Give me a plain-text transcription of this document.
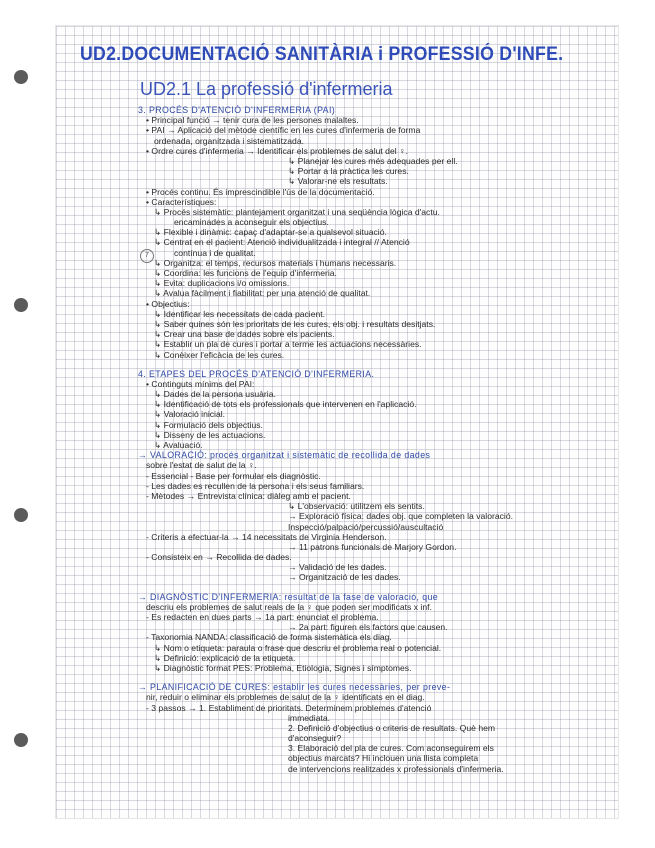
UD2.DOCUMENTACIÓ SANITÀRIA i PROFESSIÓ D'INFE.
UD2.1 La professió d'infermeria
7
3. PROCÉS D'ATENCIÓ D'INFERMERIA (PAI)
• Principal funció → tenir cura de les persones malaltes.
• PAI → Aplicació del mètode científic en les cures d'infermeria de forma
ordenada, organitzada i sistematitzada.
• Ordre cures d'infermeria → Identificar els problemes de salut del ♀.
↳ Planejar les cures més adequades per ell.
↳ Portar a la pràctica les cures.
↳ Valorar-ne els resultats.
• Procés continu. És imprescindible l'ús de la documentació.
• Característiques:
↳ Procés sistemàtic: plantejament organitzat i una seqüència lògica d'actu.
encaminades a aconseguir els objectius.
↳ Flexible i dinàmic: capaç d'adaptar-se a qualsevol situació.
↳ Centrat en el pacient: Atenció individualitzada i integral // Atenció
contínua i de qualitat.
↳ Organitza: el temps, recursos materials i humans necessaris.
↳ Coordina: les funcions de l'equip d'infermeria.
↳ Evita: duplicacions i/o omissions.
↳ Avalua fàcilment i fiabilitat: per una atenció de qualitat.
• Objectius:
↳ Identificar les necessitats de cada pacient.
↳ Saber quines són les prioritats de les cures, els obj. i resultats desitjats.
↳ Crear una base de dades sobre els pacients.
↳ Establir un pla de cures i portar a terme les actuacions necessàries.
↳ Conèixer l'eficàcia de les cures.
4. ETAPES DEL PROCÉS D'ATENCIÓ D'INFERMERIA.
• Continguts mínims del PAI:
↳ Dades de la persona usuària.
↳ Identificació de tots els professionals que intervenen en l'aplicació.
↳ Valoració inicial.
↳ Formulació dels objectius.
↳ Disseny de les actuacions.
↳ Avaluació.
→ VALORACIÓ: procés organitzat i sistemàtic de recollida de dades
sobre l'estat de salut de la ♀.
- Essencial - Base per formular els diagnòstic.
- Les dades es recullen de la persona i els seus familiars.
- Mètodes → Entrevista clínica: diàleg amb el pacient.
↳ L'observació: utilitzem els sentits.
→ Exploració física: dades obj. que completen la valoració.
Inspecció/palpació/percussió/auscultació
- Criteris a efectuar-la → 14 necessitats de Virginia Henderson.
→ 11 patrons funcionals de Marjory Gordon.
- Consisteix en → Recollida de dades.
→ Validació de les dades.
→ Organització de les dades.
→ DIAGNÒSTIC D'INFERMERIA: resultat de la fase de valoració, que
descriu els problemes de salut reals de la ♀ que poden ser modificats x inf.
- Es redacten en dues parts → 1a part: enunciat el problema.
→ 2a part: figuren els factors que causen.
- Taxonomia NANDA: classificació de forma sistemàtica els diag.
↳ Nom o etiqueta: paraula o frase que descriu el problema real o potencial.
↳ Definició: explicació de la etiqueta.
↳ Diagnòstic format PES: Problema, Etiologia, Signes i símptomes.
→ PLANIFICACIÓ DE CURES: establir les cures necessàries, per preve-
nir, reduir o eliminar els problemes de salut de la ♀ identificats en el diag.
- 3 passos → 1. Establiment de prioritats. Determinem problemes d'atenció
immediata.
2. Definició d'objectius o criteris de resultats. Què hem
d'aconseguir?
3. Elaboració del pla de cures. Com aconseguirem els
objectius marcats? Hi inclouen una llista completa
de intervencions realitzades x professionals d'infermeria.
